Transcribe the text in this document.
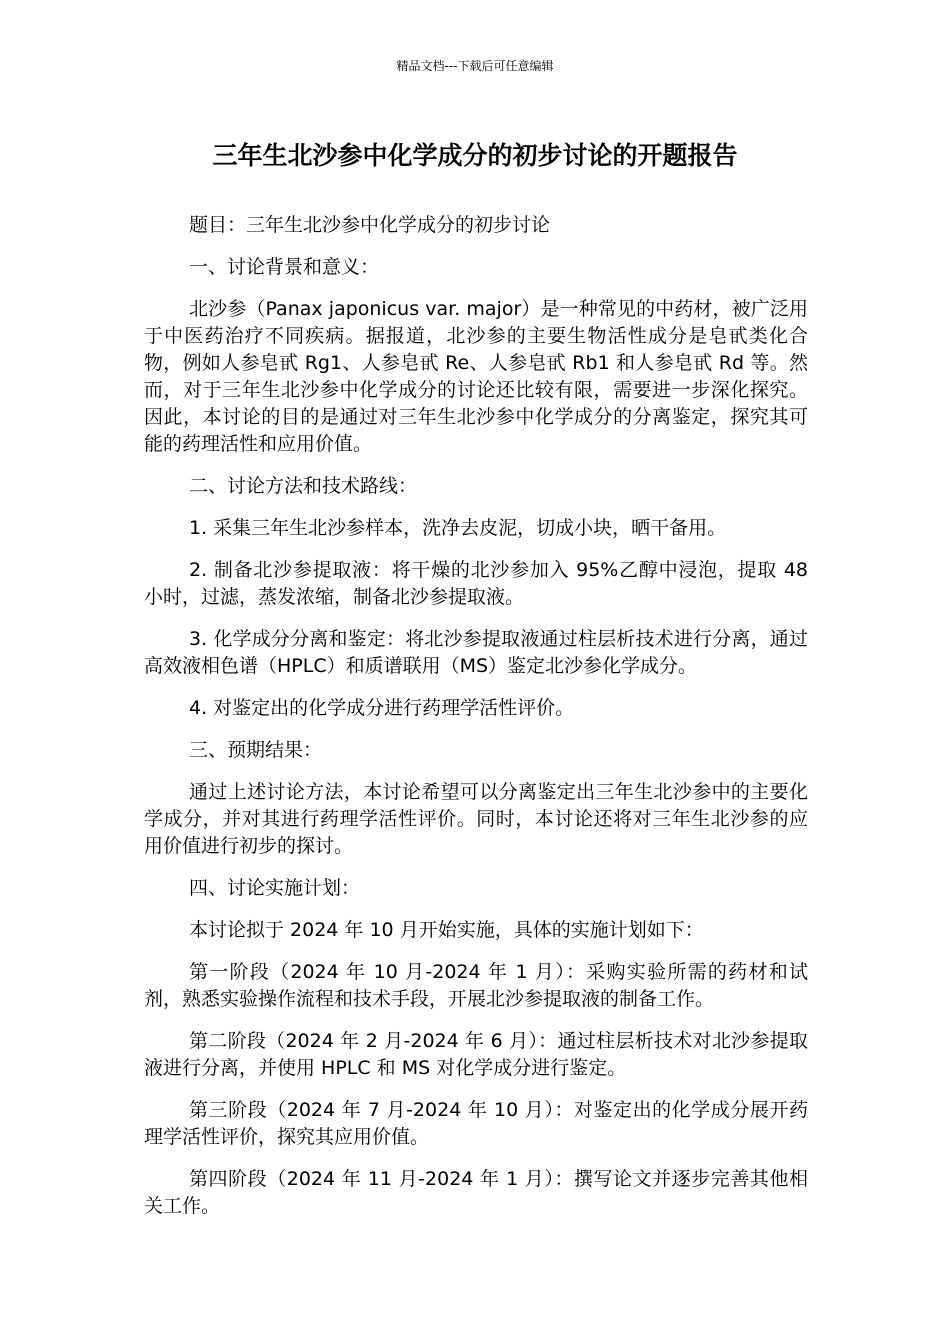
精品文档---下载后可任意编辑
三年生北沙参中化学成分的初步讨论的开题报告

题目：三年生北沙参中化学成分的初步讨论

一、讨论背景和意义：

北沙参（Panax japonicus var. major）是一种常见的中药材，被广泛用于中医药治疗不同疾病。据报道，北沙参的主要生物活性成分是皂甙类化合物，例如人参皂甙 Rg1、人参皂甙 Re、人参皂甙 Rb1 和人参皂甙 Rd 等。然而，对于三年生北沙参中化学成分的讨论还比较有限，需要进一步深化探究。因此，本讨论的目的是通过对三年生北沙参中化学成分的分离鉴定，探究其可能的药理活性和应用价值。

二、讨论方法和技术路线：

1. 采集三年生北沙参样本，洗净去皮泥，切成小块，晒干备用。

2. 制备北沙参提取液：将干燥的北沙参加入 95%乙醇中浸泡，提取 48 小时，过滤，蒸发浓缩，制备北沙参提取液。

3. 化学成分分离和鉴定：将北沙参提取液通过柱层析技术进行分离，通过高效液相色谱（HPLC）和质谱联用（MS）鉴定北沙参化学成分。

4. 对鉴定出的化学成分进行药理学活性评价。

三、预期结果：

通过上述讨论方法，本讨论希望可以分离鉴定出三年生北沙参中的主要化学成分，并对其进行药理学活性评价。同时，本讨论还将对三年生北沙参的应用价值进行初步的探讨。

四、讨论实施计划：

本讨论拟于 2024 年 10 月开始实施，具体的实施计划如下：

第一阶段（2024 年 10 月-2024 年 1 月）：采购实验所需的药材和试剂，熟悉实验操作流程和技术手段，开展北沙参提取液的制备工作。

第二阶段（2024 年 2 月-2024 年 6 月）：通过柱层析技术对北沙参提取液进行分离，并使用 HPLC 和 MS 对化学成分进行鉴定。

第三阶段（2024 年 7 月-2024 年 10 月）：对鉴定出的化学成分展开药理学活性评价，探究其应用价值。

第四阶段（2024 年 11 月-2024 年 1 月）：撰写论文并逐步完善其他相关工作。
